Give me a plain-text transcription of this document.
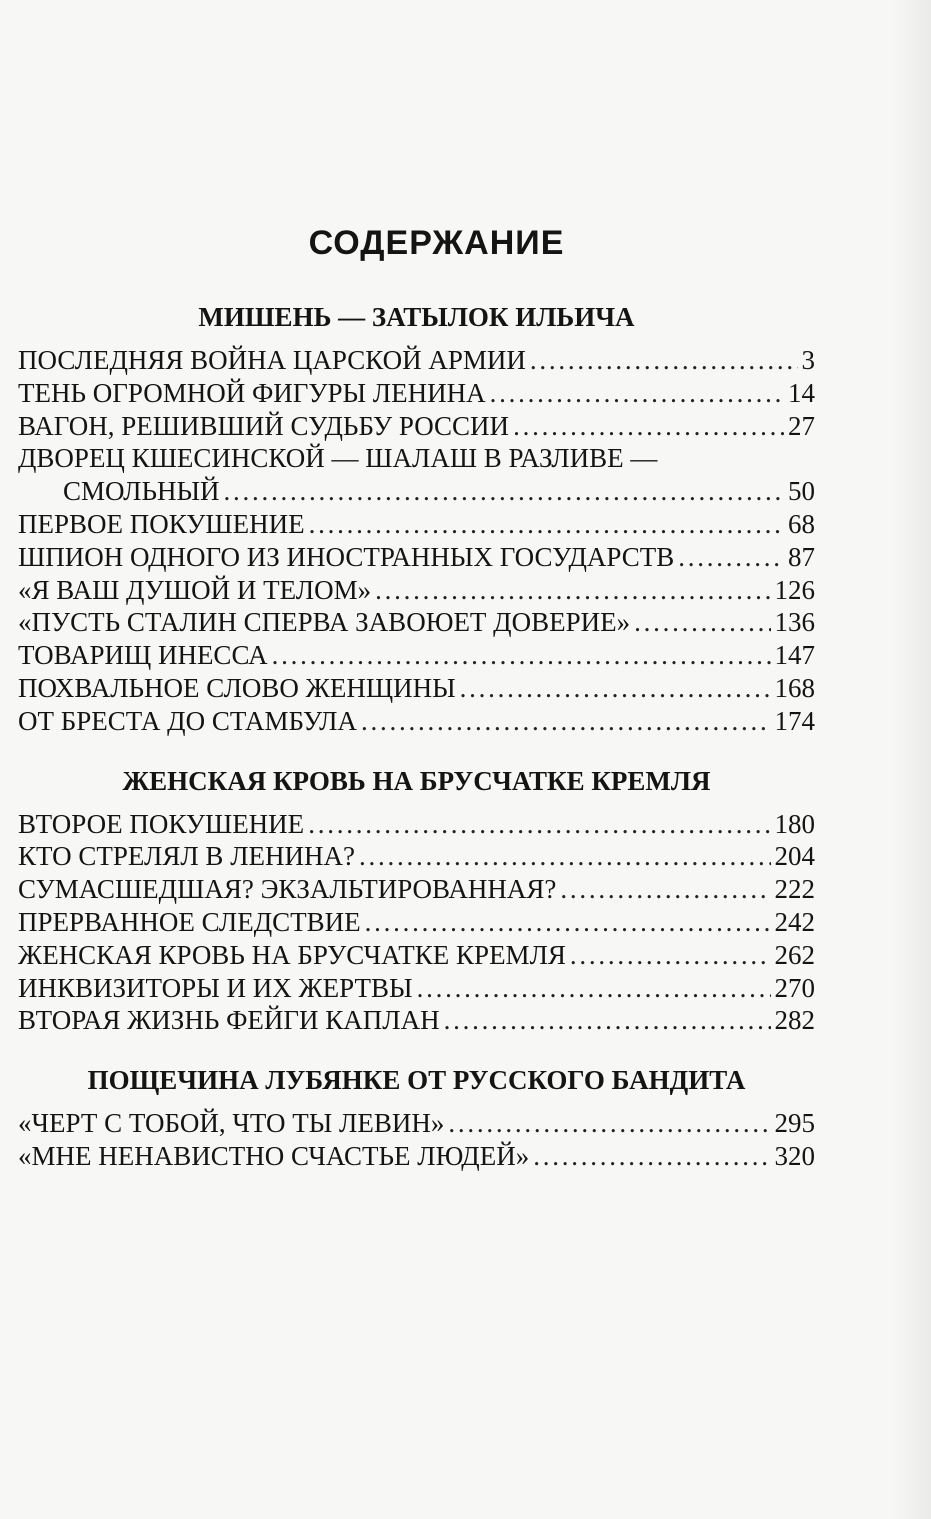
СОДЕРЖАНИЕ
МИШЕНЬ — ЗАТЫЛОК ИЛЬИЧА
ПОСЛЕДНЯЯ ВОЙНА ЦАРСКОЙ АРМИИ . . .	3
ТЕНЬ ОГРОМНОЙ ФИГУРЫ ЛЕНИНА . . .	14
ВАГОН, РЕШИВШИЙ СУДЬБУ РОССИИ . . .	27
ДВОРЕЦ КШЕСИНСКОЙ — ШАЛАШ В РАЗЛИВЕ —
СМОЛЬНЫЙ . . .	50
ПЕРВОЕ ПОКУШЕНИЕ . . .	68
ШПИОН ОДНОГО ИЗ ИНОСТРАННЫХ ГОСУДАРСТВ . . .	87
«Я ВАШ ДУШОЙ И ТЕЛОМ» . . .	126
«ПУСТЬ СТАЛИН СПЕРВА ЗАВОЮЕТ ДОВЕРИЕ» . . .	136
ТОВАРИЩ ИНЕССА . . .	147
ПОХВАЛЬНОЕ СЛОВО ЖЕНЩИНЫ . . .	168
ОТ БРЕСТА ДО СТАМБУЛА . . .	174
ЖЕНСКАЯ КРОВЬ НА БРУСЧАТКЕ КРЕМЛЯ
ВТОРОЕ ПОКУШЕНИЕ . . .	180
КТО СТРЕЛЯЛ В ЛЕНИНА? . . .	204
СУМАСШЕДШАЯ? ЭКЗАЛЬТИРОВАННАЯ? . . .	222
ПРЕРВАННОЕ СЛЕДСТВИЕ . . .	242
ЖЕНСКАЯ КРОВЬ НА БРУСЧАТКЕ КРЕМЛЯ . . .	262
ИНКВИЗИТОРЫ И ИХ ЖЕРТВЫ . . .	270
ВТОРАЯ ЖИЗНЬ ФЕЙГИ КАПЛАН . . .	282
ПОЩЕЧИНА ЛУБЯНКЕ ОТ РУССКОГО БАНДИТА
«ЧЕРТ С ТОБОЙ, ЧТО ТЫ ЛЕВИН» . . .	295
«МНЕ НЕНАВИСТНО СЧАСТЬЕ ЛЮДЕЙ» . . .	320
